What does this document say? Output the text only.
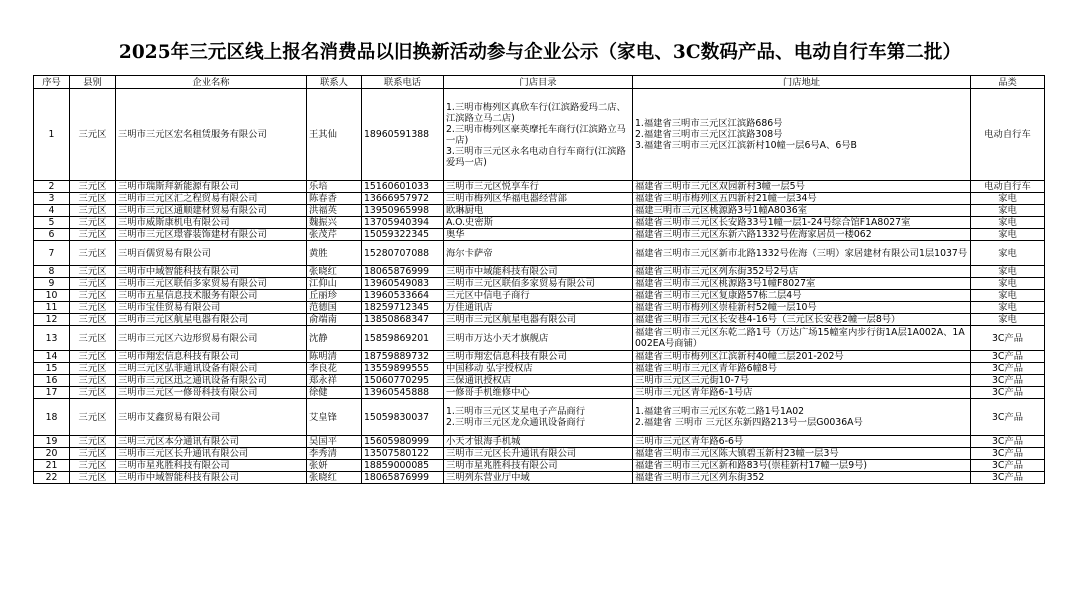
2025年三元区线上报名消费品以旧换新活动参与企业公示（家电、3C数码产品、电动自行车第二批）
序号	县别	企业名称	联系人	联系电话	门店目录	门店地址	品类
1	三元区	三明市三元区宏名租赁服务有限公司	王其仙	18960591388	1.三明市梅列区真欣车行(江滨路爱玛二店、江滨路立马二店)
2.三明市梅列区豪英摩托车商行(江滨路立马一店)
3.三明市三元区永名电动自行车商行(江滨路爱玛一店)	1.福建省三明市三元区江滨路686号
2.福建省三明市三元区江滨路308号
3.福建省三明市三元区江滨新村10幢一层6号A、6号B	电动自行车
2	三元区	三明市瑞斯拜新能源有限公司	乐培	15160601033	三明市三元区悦享车行	福建省三明市三元区双园新村3幢一层5号	电动自行车
3	三元区	三明市三元区汇之程贸易有限公司	陈春香	13666957972	三明市梅列区华福电器经营部	福建省三明市梅列区五四新村21幢一层34号	家电
4	三元区	三明市三元区通顺建材贸易有限公司	洪福英	13950965998	欧琳厨电	福建三明市三元区桃源路3号1幢A8036室	家电
5	三元区	三明市威斯康机电有限公司	魏振兴	13705940394	A.O.史密斯	福建省三明市三元区长安路33号1幢一层1-24号综合馆F1A8027室	家电
6	三元区	三明市三元区璟睿装饰建材有限公司	张茂芹	15059322345	奥华	福建省三明市三元区东新六路1332号佐海家居员一楼062	家电
7	三元区	三明百儒贸易有限公司	黄胜	15280707088	海尔卡萨帝	福建省三明市三元区新市北路1332号佐海（三明）家居建材有限公司1层1037号	家电
8	三元区	三明市中域智能科技有限公司	张晓红	18065876999	三明市中域能科技有限公司	福建省三明市三元区列东街352号2号店	家电
9	三元区	三明市三元区联佰多家贸易有限公司	江仰山	13960549083	三明市三元区联佰多家贸易有限公司	福建省三明市三元区桃源路3号1幢F8027室	家电
10	三元区	三明市五星信息技术服务有限公司	丘丽珍	13960533664	三元区中信电子商行	福建省三明市三元区复康路57栋二层4号	家电
11	三元区	三明市宝佳贸易有限公司	范德国	18259712345	万佳通讯店	福建省三明市梅列区崇桂新村52幢一层10号	家电
12	三元区	三明市三元区航星电器有限公司	俞端南	13850868347	三明市三元区航星电器有限公司	福建省三明市三元区长安巷4-16号（三元区长安巷2幢一层8号）	家电
13	三元区	三明市三元区六边形贸易有限公司	沈静	15859869201	三明市万达小天才旗舰店	福建省三明市三元区东乾二路1号（万达广场15幢室内步行街1A层1A002A、1A002EA号商铺）	3C产品
14	三元区	三明市翔宏信息科技有限公司	陈明清	18759889732	三明市翔宏信息科技有限公司	福建省三明市梅列区江滨新村40幢二层201-202号	3C产品
15	三元区	三明三元区弘菲通讯设备有限公司	李良花	13559899555	中国移动 弘宇授权店	福建省三明市三元区青年路6幢8号	3C产品
16	三元区	三明市三元区迅之通讯设备有限公司	郑永祥	15060770295	三保通讯授权店	三明市三元区三元街10-7号	3C产品
17	三元区	三明市三元区一修哥科技有限公司	徐健	13960545888	一修哥手机维修中心	三明市三元区青年路6-1号店	3C产品
18	三元区	三明市艾鑫贸易有限公司	艾皇锋	15059830037	1.三明市三元区艾星电子产品商行
2.三明市三元区龙众通讯设备商行	1.福建省三明市三元区东乾二路1号1A02
2.福建省 三明市 三元区东新四路213号一层G0036A号	3C产品
19	三元区	三明三元区本分通讯有限公司	吴国平	15605980999	小天才银海手机城	三明市三元区青年路6-6号	3C产品
20	三元区	三明市三元区长升通讯有限公司	李秀清	13507580122	三明市三元区长升通讯有限公司	福建省三明市三元区陈大镇碧玉新村23幢一层3号	3C产品
21	三元区	三明市星兆胜科技有限公司	张妍	18859000085	三明市星兆胜科技有限公司	福建省三明市三元区新和路83号(崇桂新村17幢一层9号)	3C产品
22	三元区	三明市中域智能科技有限公司	张晓红	18065876999	三明列东营业厅中域	福建省三明市三元区列东街352	3C产品
